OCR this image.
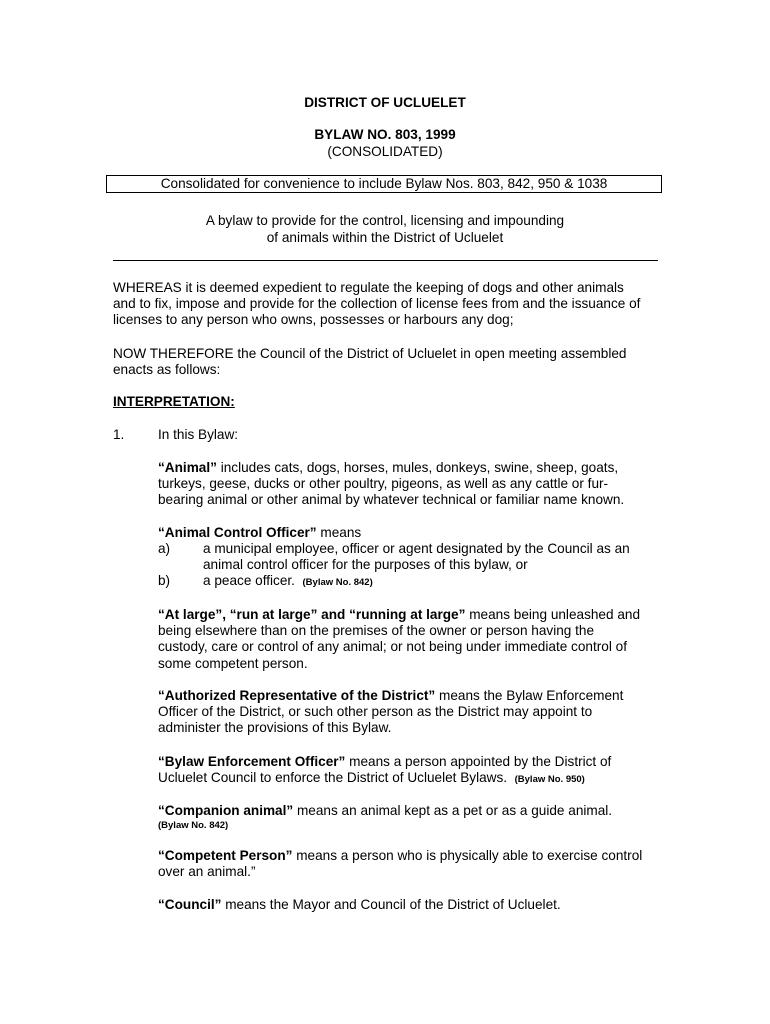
DISTRICT OF UCLUELET
BYLAW NO. 803, 1999
(CONSOLIDATED)
Consolidated for convenience to include Bylaw Nos. 803, 842, 950 & 1038
A bylaw to provide for the control, licensing and impounding
of animals within the District of Ucluelet
WHEREAS it is deemed expedient to regulate the keeping of dogs and other animals
and to fix, impose and provide for the collection of license fees from and the issuance of
licenses to any person who owns, possesses or harbours any dog;
NOW THEREFORE the Council of the District of Ucluelet in open meeting assembled
enacts as follows:
INTERPRETATION:
1. In this Bylaw:
“Animal” includes cats, dogs, horses, mules, donkeys, swine, sheep, goats,
turkeys, geese, ducks or other poultry, pigeons, as well as any cattle or fur-
bearing animal or other animal by whatever technical or familiar name known.
“Animal Control Officer” means
a) a municipal employee, officer or agent designated by the Council as an
animal control officer for the purposes of this bylaw, or
b) a peace officer. (Bylaw No. 842)
“At large”, “run at large” and “running at large” means being unleashed and
being elsewhere than on the premises of the owner or person having the
custody, care or control of any animal; or not being under immediate control of
some competent person.
“Authorized Representative of the District” means the Bylaw Enforcement
Officer of the District, or such other person as the District may appoint to
administer the provisions of this Bylaw.
“Bylaw Enforcement Officer” means a person appointed by the District of
Ucluelet Council to enforce the District of Ucluelet Bylaws. (Bylaw No. 950)
“Companion animal” means an animal kept as a pet or as a guide animal.
(Bylaw No. 842)
“Competent Person” means a person who is physically able to exercise control
over an animal.”
“Council” means the Mayor and Council of the District of Ucluelet.
